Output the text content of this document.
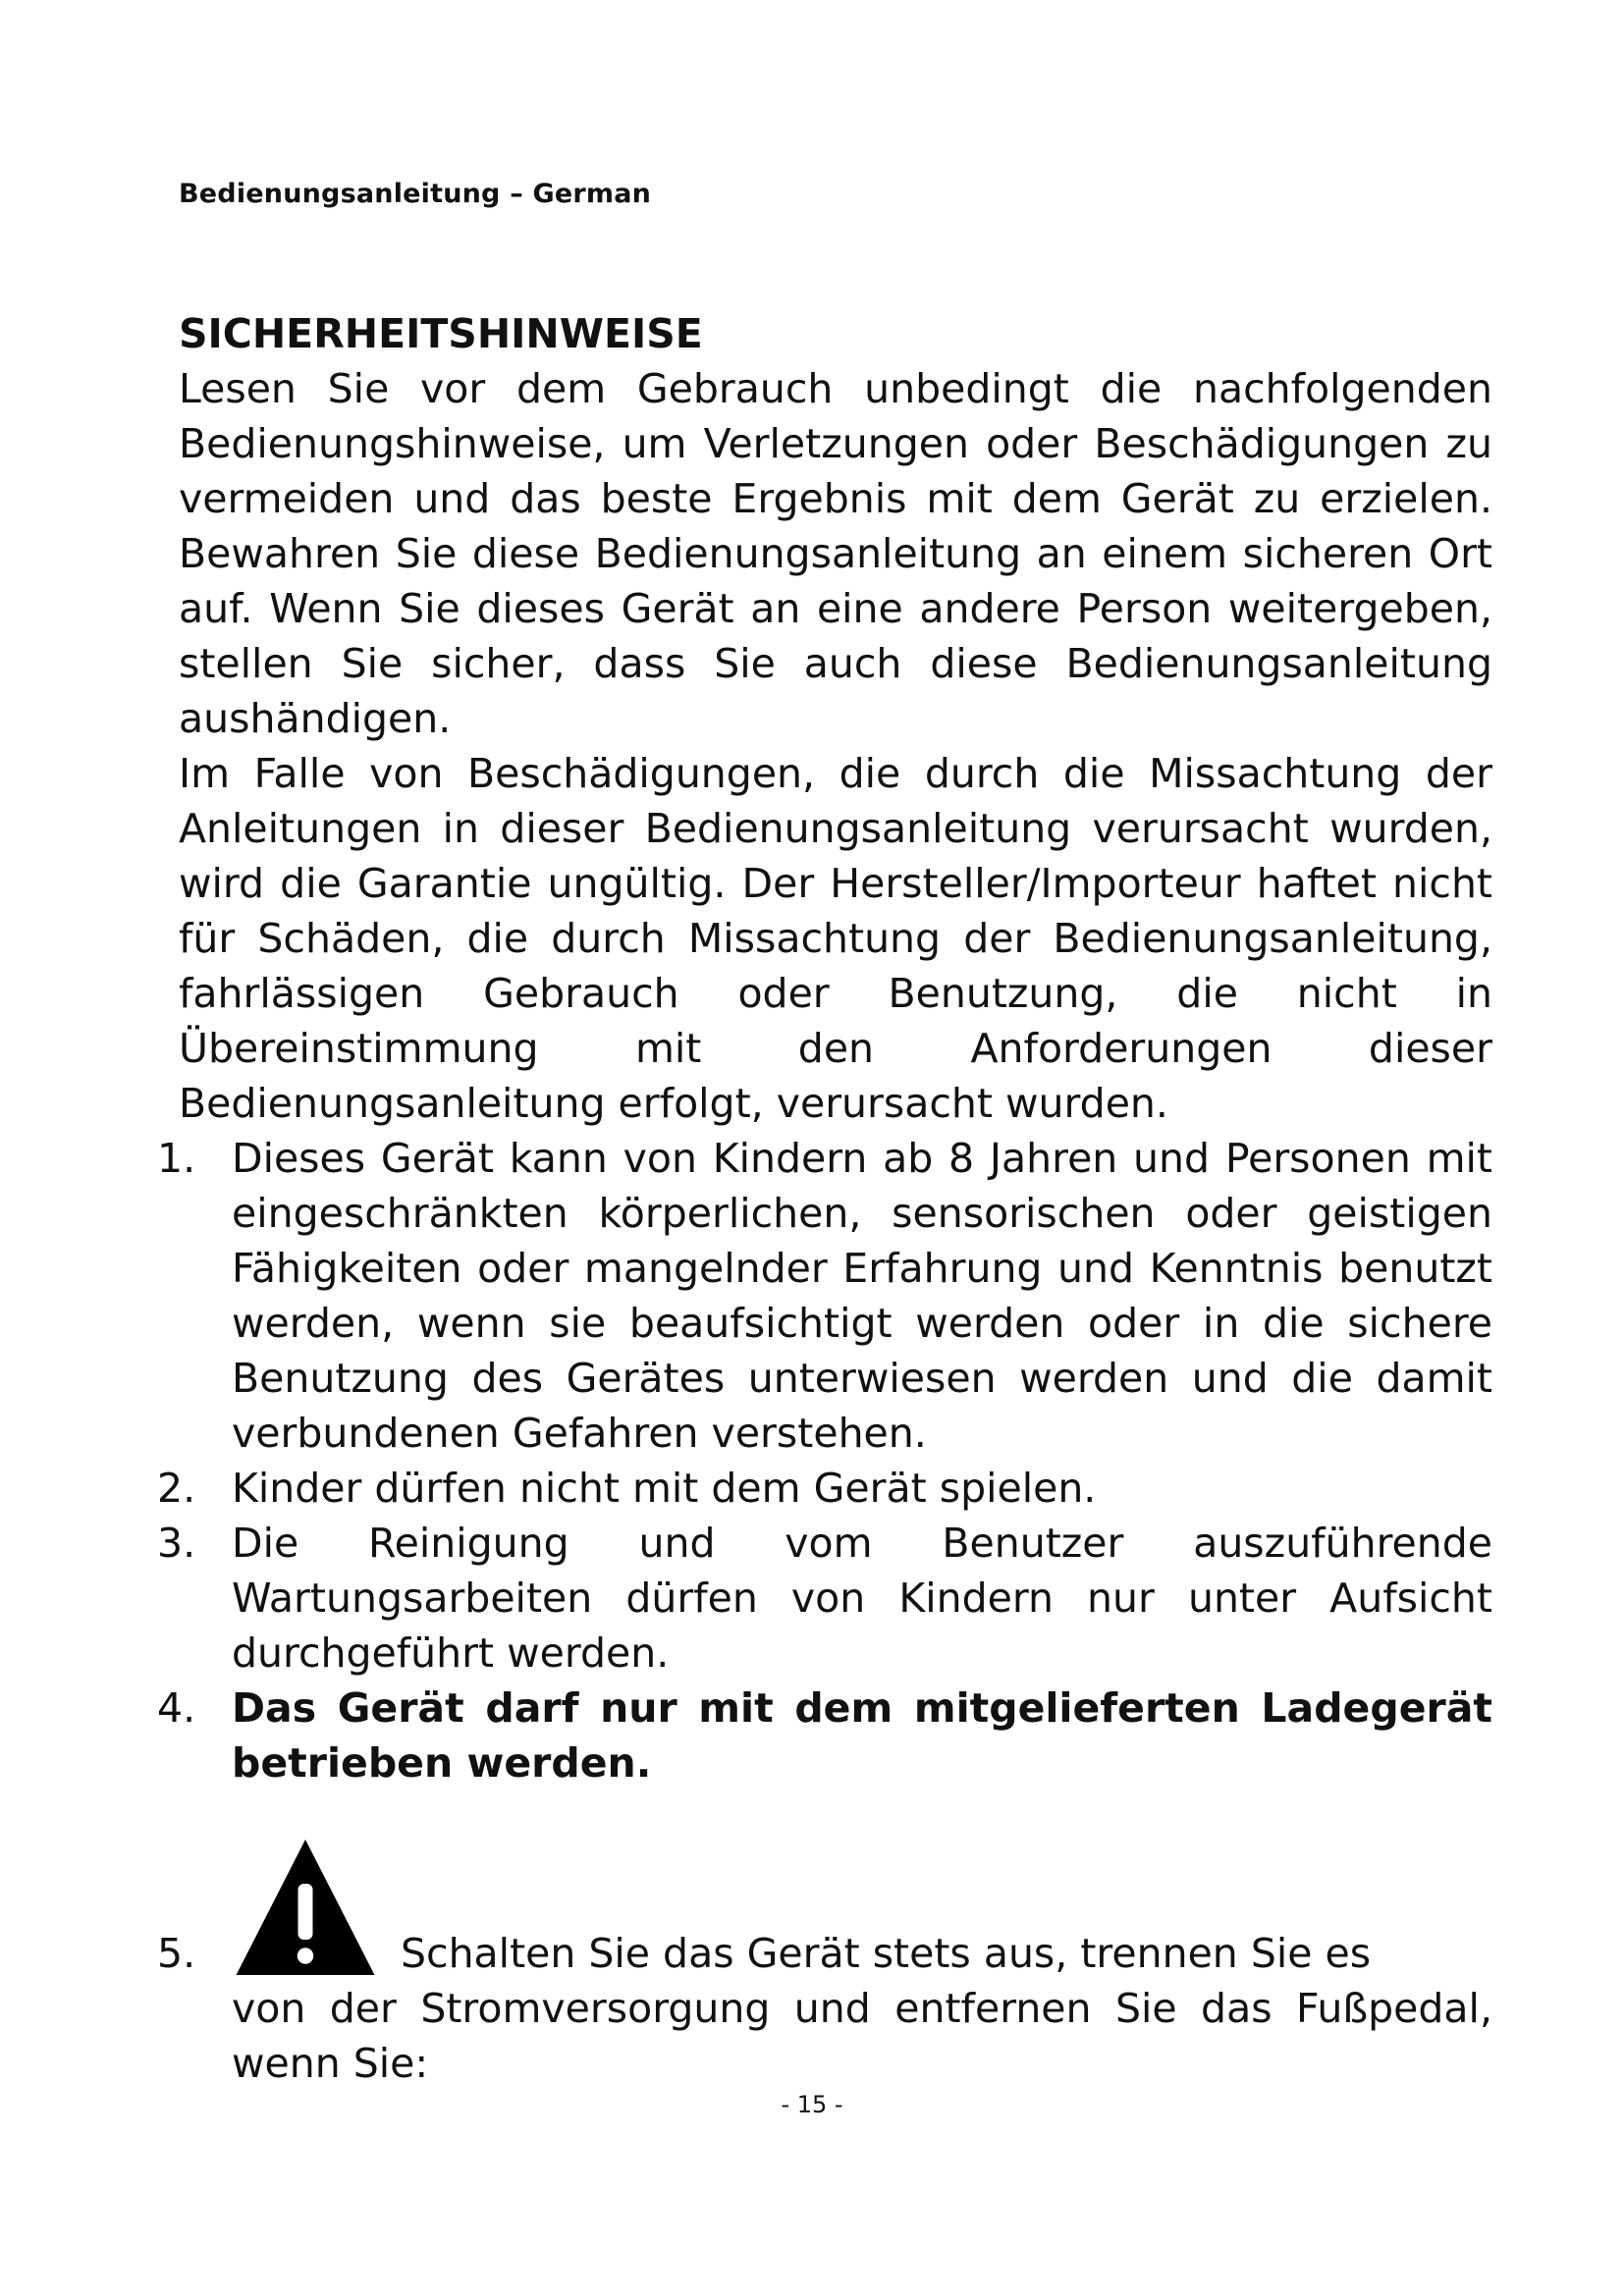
Bedienungsanleitung – German
SICHERHEITSHINWEISE

Lesen Sie vor dem Gebrauch unbedingt die nachfolgenden Bedienungshinweise, um Verletzungen oder Beschädigungen zu vermeiden und das beste Ergebnis mit dem Gerät zu erzielen. Bewahren Sie diese Bedienungsanleitung an einem sicheren Ort auf. Wenn Sie dieses Gerät an eine andere Person weitergeben, stellen Sie sicher, dass Sie auch diese Bedienungsanleitung aushändigen.

Im Falle von Beschädigungen, die durch die Missachtung der Anleitungen in dieser Bedienungsanleitung verursacht wurden, wird die Garantie ungültig. Der Hersteller/Importeur haftet nicht für Schäden, die durch Missachtung der Bedienungsanleitung, fahrlässigen Gebrauch oder Benutzung, die nicht in Übereinstimmung mit den Anforderungen dieser Bedienungsanleitung erfolgt, verursacht wurden.

1. Dieses Gerät kann von Kindern ab 8 Jahren und Personen mit eingeschränkten körperlichen, sensorischen oder geistigen Fähigkeiten oder mangelnder Erfahrung und Kenntnis benutzt werden, wenn sie beaufsichtigt werden oder in die sichere Benutzung des Gerätes unterwiesen werden und die damit verbundenen Gefahren verstehen.
2. Kinder dürfen nicht mit dem Gerät spielen.
3. Die Reinigung und vom Benutzer auszuführende Wartungsarbeiten dürfen von Kindern nur unter Aufsicht durchgeführt werden.
4. Das Gerät darf nur mit dem mitgelieferten Ladegerät betrieben werden.
5.	Schalten Sie das Gerät stets aus, trennen Sie es
von der Stromversorgung und entfernen Sie das Fußpedal, wenn Sie:
- 15 -
